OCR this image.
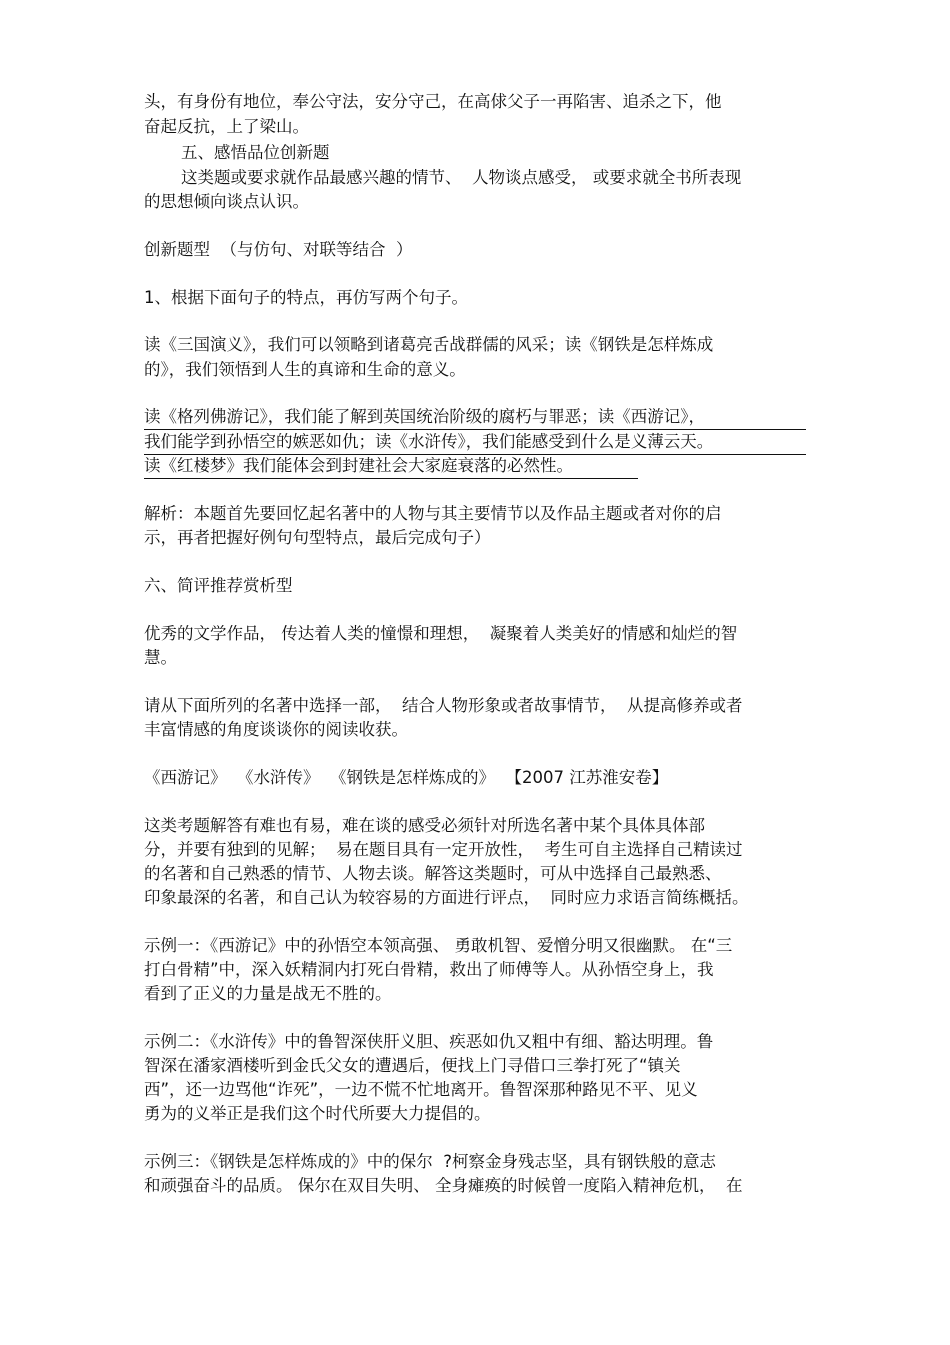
头，有身份有地位，奉公守法，安分守己，在高俅父子一再陷害、追杀之下，他

奋起反抗，上了梁山。

五、感悟品位创新题

这类题或要求就作品最感兴趣的情节、  人物谈点感受， 或要求就全书所表现

的思想倾向谈点认识。

创新题型  （与仿句、对联等结合  ）

1、根据下面句子的特点，再仿写两个句子。

读《三国演义》，我们可以领略到诸葛亮舌战群儒的风采；读《钢铁是怎样炼成

的》，我们领悟到人生的真谛和生命的意义。

读《格列佛游记》，我们能了解到英国统治阶级的腐朽与罪恶；读《西游记》，

我们能学到孙悟空的嫉恶如仇；读《水浒传》，我们能感受到什么是义薄云天。

读《红楼梦》我们能体会到封建社会大家庭衰落的必然性。

解析：本题首先要回忆起名著中的人物与其主要情节以及作品主题或者对你的启

示，再者把握好例句句型特点，最后完成句子）

六、简评推荐赏析型

优秀的文学作品， 传达着人类的憧憬和理想，  凝聚着人类美好的情感和灿烂的智

慧。

请从下面所列的名著中选择一部，  结合人物形象或者故事情节，  从提高修养或者

丰富情感的角度谈谈你的阅读收获。

《西游记》  《水浒传》  《钢铁是怎样炼成的》  【2007 江苏淮安卷】

这类考题解答有难也有易，难在谈的感受必须针对所选名著中某个具体具体部

分，并要有独到的见解；  易在题目具有一定开放性，  考生可自主选择自己精读过

的名著和自己熟悉的情节、人物去谈。解答这类题时，可从中选择自己最熟悉、

印象最深的名著，和自己认为较容易的方面进行评点，  同时应力求语言简练概括。

示例一：《西游记》中的孙悟空本领高强、 勇敢机智、爱憎分明又很幽默。 在“三

打白骨精”中，深入妖精洞内打死白骨精，救出了师傅等人。从孙悟空身上，我

看到了正义的力量是战无不胜的。

示例二：《水浒传》中的鲁智深侠肝义胆、疾恶如仇又粗中有细、豁达明理。鲁

智深在潘家酒楼听到金氏父女的遭遇后，便找上门寻借口三拳打死了“镇关

西”，还一边骂他“诈死”，一边不慌不忙地离开。鲁智深那种路见不平、见义

勇为的义举正是我们这个时代所要大力提倡的。

示例三：《钢铁是怎样炼成的》中的保尔  ?柯察金身残志坚，具有钢铁般的意志

和顽强奋斗的品质。 保尔在双目失明、 全身瘫痪的时候曾一度陷入精神危机，  在
